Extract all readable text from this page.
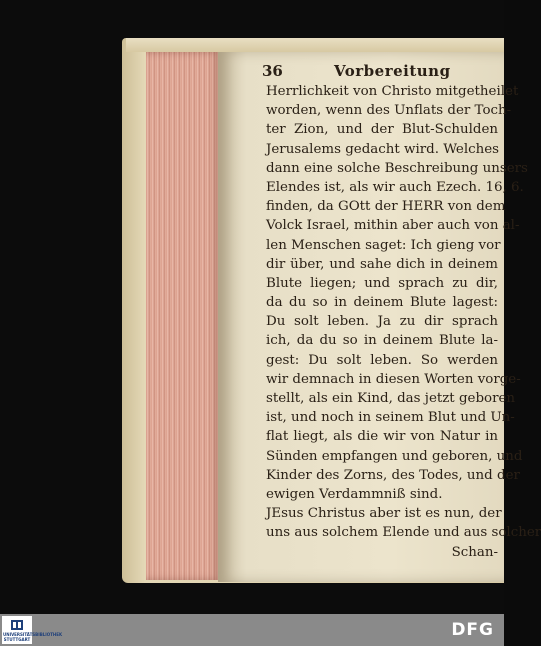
36	Vorbereitung
Herrlichkeit von Christo mitgetheilet
worden, wenn des Unflats der Toch-
ter Zion, und der Blut-Schulden
Jerusalems gedacht wird. Welches
dann eine solche Beschreibung unsers
Elendes ist, als wir auch Ezech. 16, 6.
finden, da GOtt der HERR von dem
Volck Israel, mithin aber auch von al-
len Menschen saget: Ich gieng vor
dir über, und sahe dich in deinem
Blute liegen; und sprach zu dir,
da du so in deinem Blute lagest:
Du solt leben. Ja zu dir sprach
ich, da du so in deinem Blute la-
gest: Du solt leben. So werden
wir demnach in diesen Worten vorge-
stellt, als ein Kind, das jetzt geboren
ist, und noch in seinem Blut und Un-
flat liegt, als die wir von Natur in
Sünden empfangen und geboren, und
Kinder des Zorns, des Todes, und der
ewigen Verdammniß sind.
JEsus Christus aber ist es nun, der
uns aus solchem Elende und aus solcher
Schan-
UNIVERSITÄTSBIBLIOTHEK STUTTGART	DFG
